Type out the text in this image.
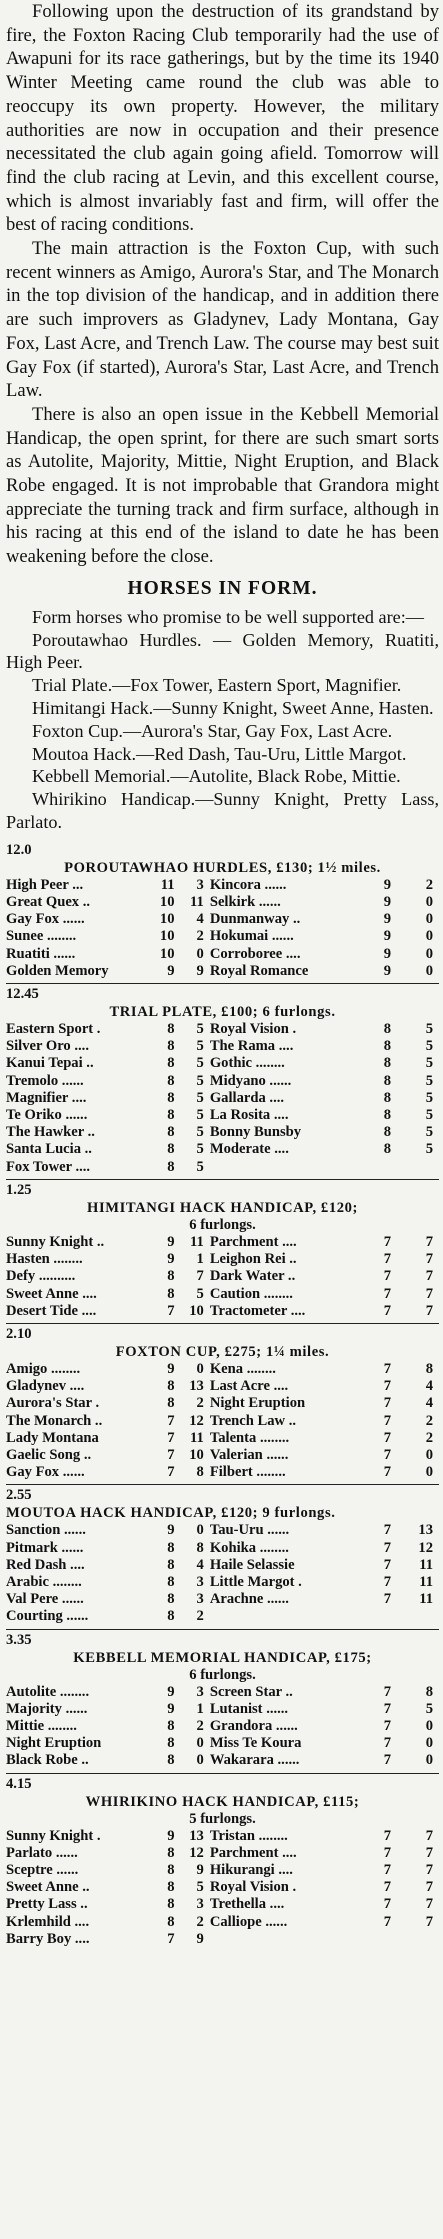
Following upon the destruction of its grandstand by fire, the Foxton Racing Club temporarily had the use of Awapuni for its race gatherings, but by the time its 1940 Winter Meeting came round the club was able to reoccupy its own property. However, the military authorities are now in occupation and their presence necessitated the club again going afield. Tomorrow will find the club racing at Levin, and this excellent course, which is almost invariably fast and firm, will offer the best of racing conditions.

The main attraction is the Foxton Cup, with such recent winners as Amigo, Aurora's Star, and The Monarch in the top division of the handicap, and in addition there are such improvers as Gladynev, Lady Montana, Gay Fox, Last Acre, and Trench Law. The course may best suit Gay Fox (if started), Aurora's Star, Last Acre, and Trench Law.

There is also an open issue in the Kebbell Memorial Handicap, the open sprint, for there are such smart sorts as Autolite, Majority, Mittie, Night Eruption, and Black Robe engaged. It is not improbable that Grandora might appreciate the turning track and firm surface, although in his racing at this end of the island to date he has been weakening before the close.

HORSES IN FORM.

Form horses who promise to be well supported are:—

Poroutawhao Hurdles. — Golden Memory, Ruatiti, High Peer.

Trial Plate.—Fox Tower, Eastern Sport, Magnifier.

Himitangi Hack.—Sunny Knight, Sweet Anne, Hasten.

Foxton Cup.—Aurora's Star, Gay Fox, Last Acre.

Moutoa Hack.—Red Dash, Tau-Uru, Little Margot.

Kebbell Memorial.—Autolite, Black Robe, Mittie.

Whirikino Handicap.—Sunny Knight, Pretty Lass, Parlato.

12.0
POROUTAWHAO HURDLES, £130; 1½ miles.
High Peer ...	11	3	Kincora ......	9	2
Great Quex ..	10	11	Selkirk ......	9	0
Gay Fox ......	10	4	Dunmanway ..	9	0
Sunee ........	10	2	Hokumai ......	9	0
Ruatiti ......	10	0	Corroboree ....	9	0
Golden Memory	9	9	Royal Romance	9	0
12.45
TRIAL PLATE, £100; 6 furlongs.
Eastern Sport .	8	5	Royal Vision .	8	5
Silver Oro ....	8	5	The Rama ....	8	5
Kanui Tepai ..	8	5	Gothic ........	8	5
Tremolo ......	8	5	Midyano ......	8	5
Magnifier ....	8	5	Gallarda ....	8	5
Te Oriko ......	8	5	La Rosita ....	8	5
The Hawker ..	8	5	Bonny Bunsby	8	5
Santa Lucia ..	8	5	Moderate ....	8	5
Fox Tower ....	8	5			
1.25
HIMITANGI HACK HANDICAP, £120;
6 furlongs.
Sunny Knight ..	9	11	Parchment ....	7	7
Hasten ........	9	1	Leighon Rei ..	7	7
Defy ..........	8	7	Dark Water ..	7	7
Sweet Anne ....	8	5	Caution ........	7	7
Desert Tide ....	7	10	Tractometer ....	7	7
2.10
FOXTON CUP, £275; 1¼ miles.
Amigo ........	9	0	Kena ........	7	8
Gladynev ....	8	13	Last Acre ....	7	4
Aurora's Star .	8	2	Night Eruption	7	4
The Monarch ..	7	12	Trench Law ..	7	2
Lady Montana	7	11	Talenta ........	7	2
Gaelic Song ..	7	10	Valerian ......	7	0
Gay Fox ......	7	8	Filbert ........	7	0
2.55
MOUTOA HACK HANDICAP, £120; 9 furlongs.
Sanction ......	9	0	Tau-Uru ......	7	13
Pitmark ......	8	8	Kohika ........	7	12
Red Dash ....	8	4	Haile Selassie	7	11
Arabic ........	8	3	Little Margot .	7	11
Val Pere ......	8	3	Arachne ......	7	11
Courting ......	8	2			
3.35
KEBBELL MEMORIAL HANDICAP, £175;
6 furlongs.
Autolite ........	9	3	Screen Star ..	7	8
Majority ......	9	1	Lutanist ......	7	5
Mittie ........	8	2	Grandora ......	7	0
Night Eruption	8	0	Miss Te Koura	7	0
Black Robe ..	8	0	Wakarara ......	7	0
4.15
WHIRIKINO HACK HANDICAP, £115;
5 furlongs.
Sunny Knight .	9	13	Tristan ........	7	7
Parlato ......	8	12	Parchment ....	7	7
Sceptre ......	8	9	Hikurangi ....	7	7
Sweet Anne ..	8	5	Royal Vision .	7	7
Pretty Lass ..	8	3	Trethella ....	7	7
Krlemhild ....	8	2	Calliope ......	7	7
Barry Boy ....	7	9			
